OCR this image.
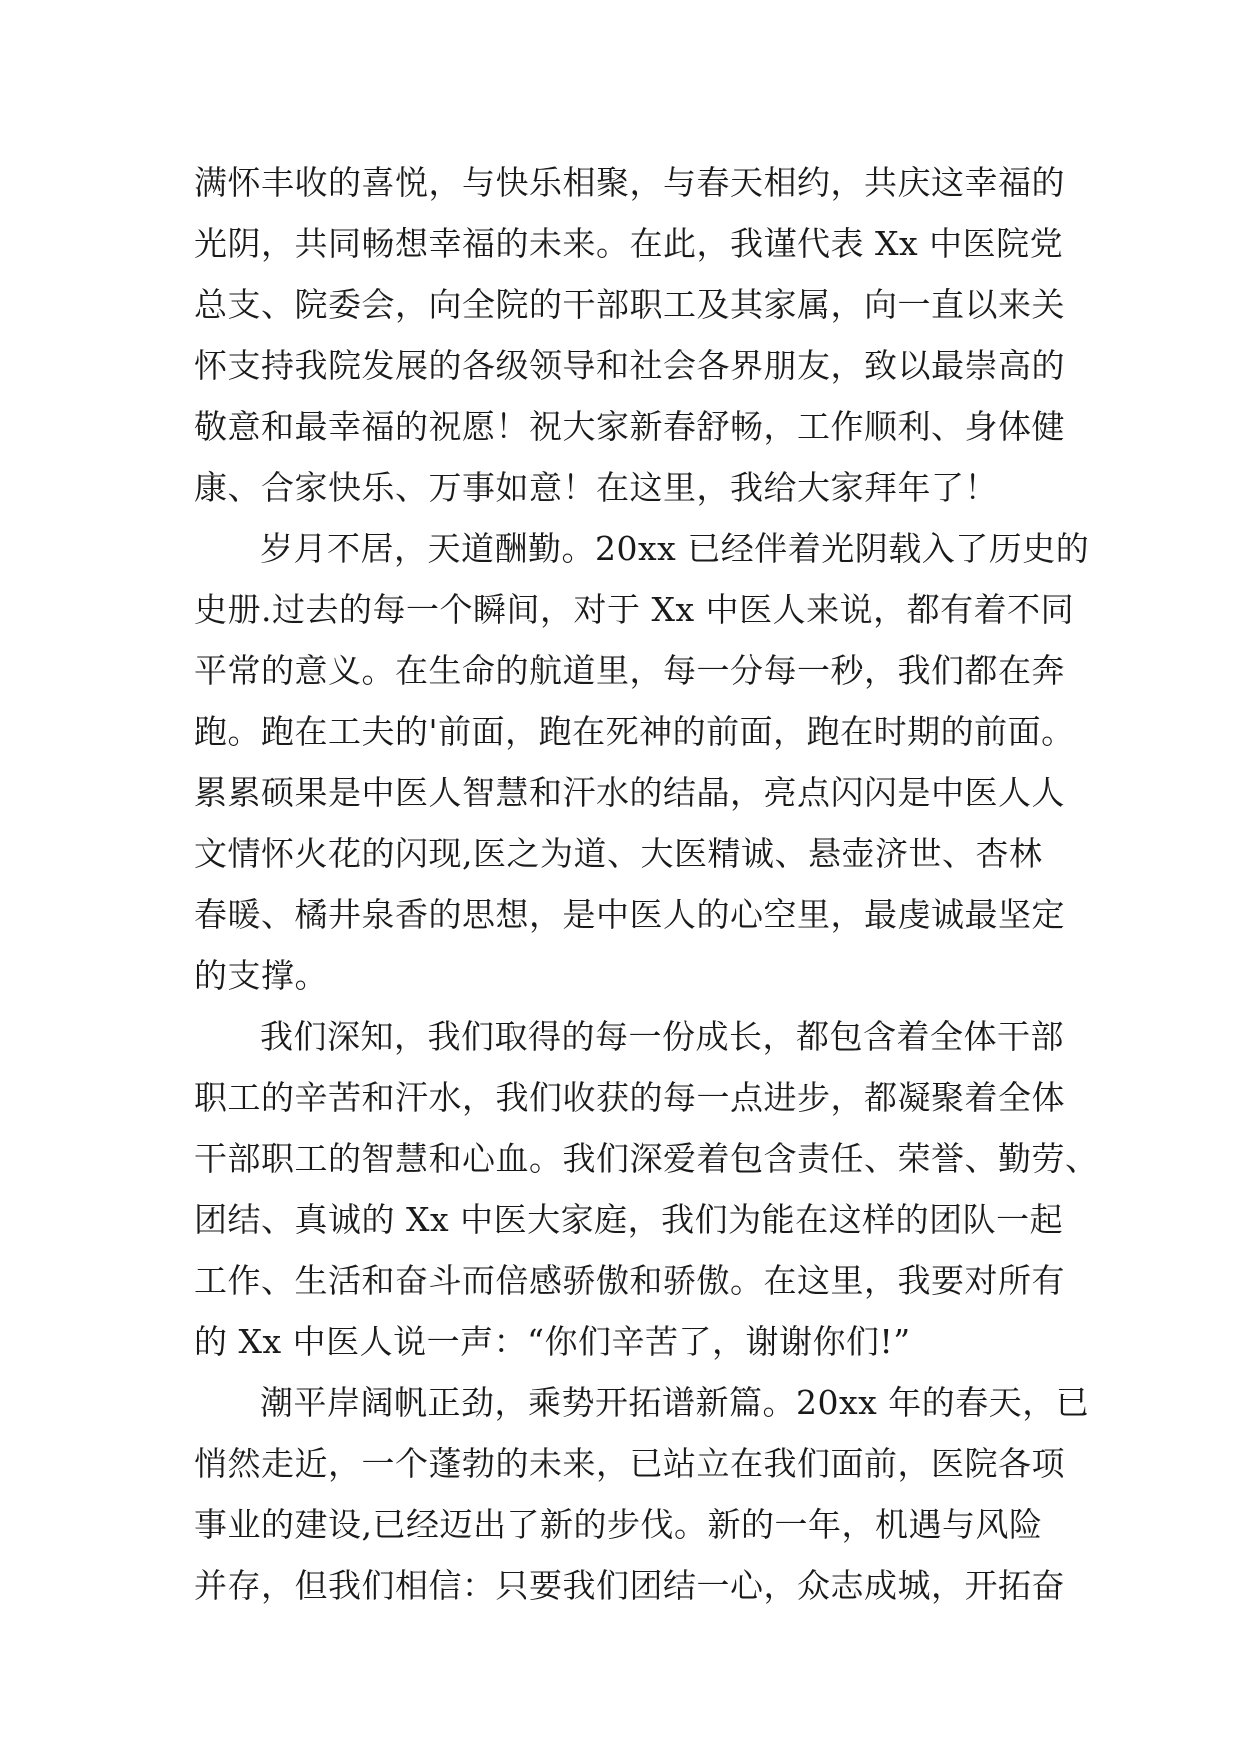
满怀丰收的喜悦，与快乐相聚，与春天相约，共庆这幸福的
光阴，共同畅想幸福的未来。在此，我谨代表 Xx 中医院党
总支、院委会，向全院的干部职工及其家属，向一直以来关
怀支持我院发展的各级领导和社会各界朋友，致以最崇高的
敬意和最幸福的祝愿！祝大家新春舒畅，工作顺利、身体健
康、合家快乐、万事如意！在这里，我给大家拜年了！
岁月不居，天道酬勤。20xx 已经伴着光阴载入了历史的
史册.过去的每一个瞬间，对于 Xx 中医人来说，都有着不同
平常的意义。在生命的航道里，每一分每一秒，我们都在奔
跑。跑在工夫的'前面，跑在死神的前面，跑在时期的前面。
累累硕果是中医人智慧和汗水的结晶，亮点闪闪是中医人人
文情怀火花的闪现,医之为道、大医精诚、悬壶济世、杏林
春暖、橘井泉香的思想，是中医人的心空里，最虔诚最坚定
的支撑。
我们深知，我们取得的每一份成长，都包含着全体干部
职工的辛苦和汗水，我们收获的每一点进步，都凝聚着全体
干部职工的智慧和心血。我们深爱着包含责任、荣誉、勤劳、
团结、真诚的 Xx 中医大家庭，我们为能在这样的团队一起
工作、生活和奋斗而倍感骄傲和骄傲。在这里，我要对所有
的 Xx 中医人说一声：“你们辛苦了，谢谢你们!”
潮平岸阔帆正劲，乘势开拓谱新篇。20xx 年的春天，已
悄然走近，一个蓬勃的未来，已站立在我们面前，医院各项
事业的建设,已经迈出了新的步伐。新的一年，机遇与风险
并存，但我们相信：只要我们团结一心，众志成城，开拓奋
